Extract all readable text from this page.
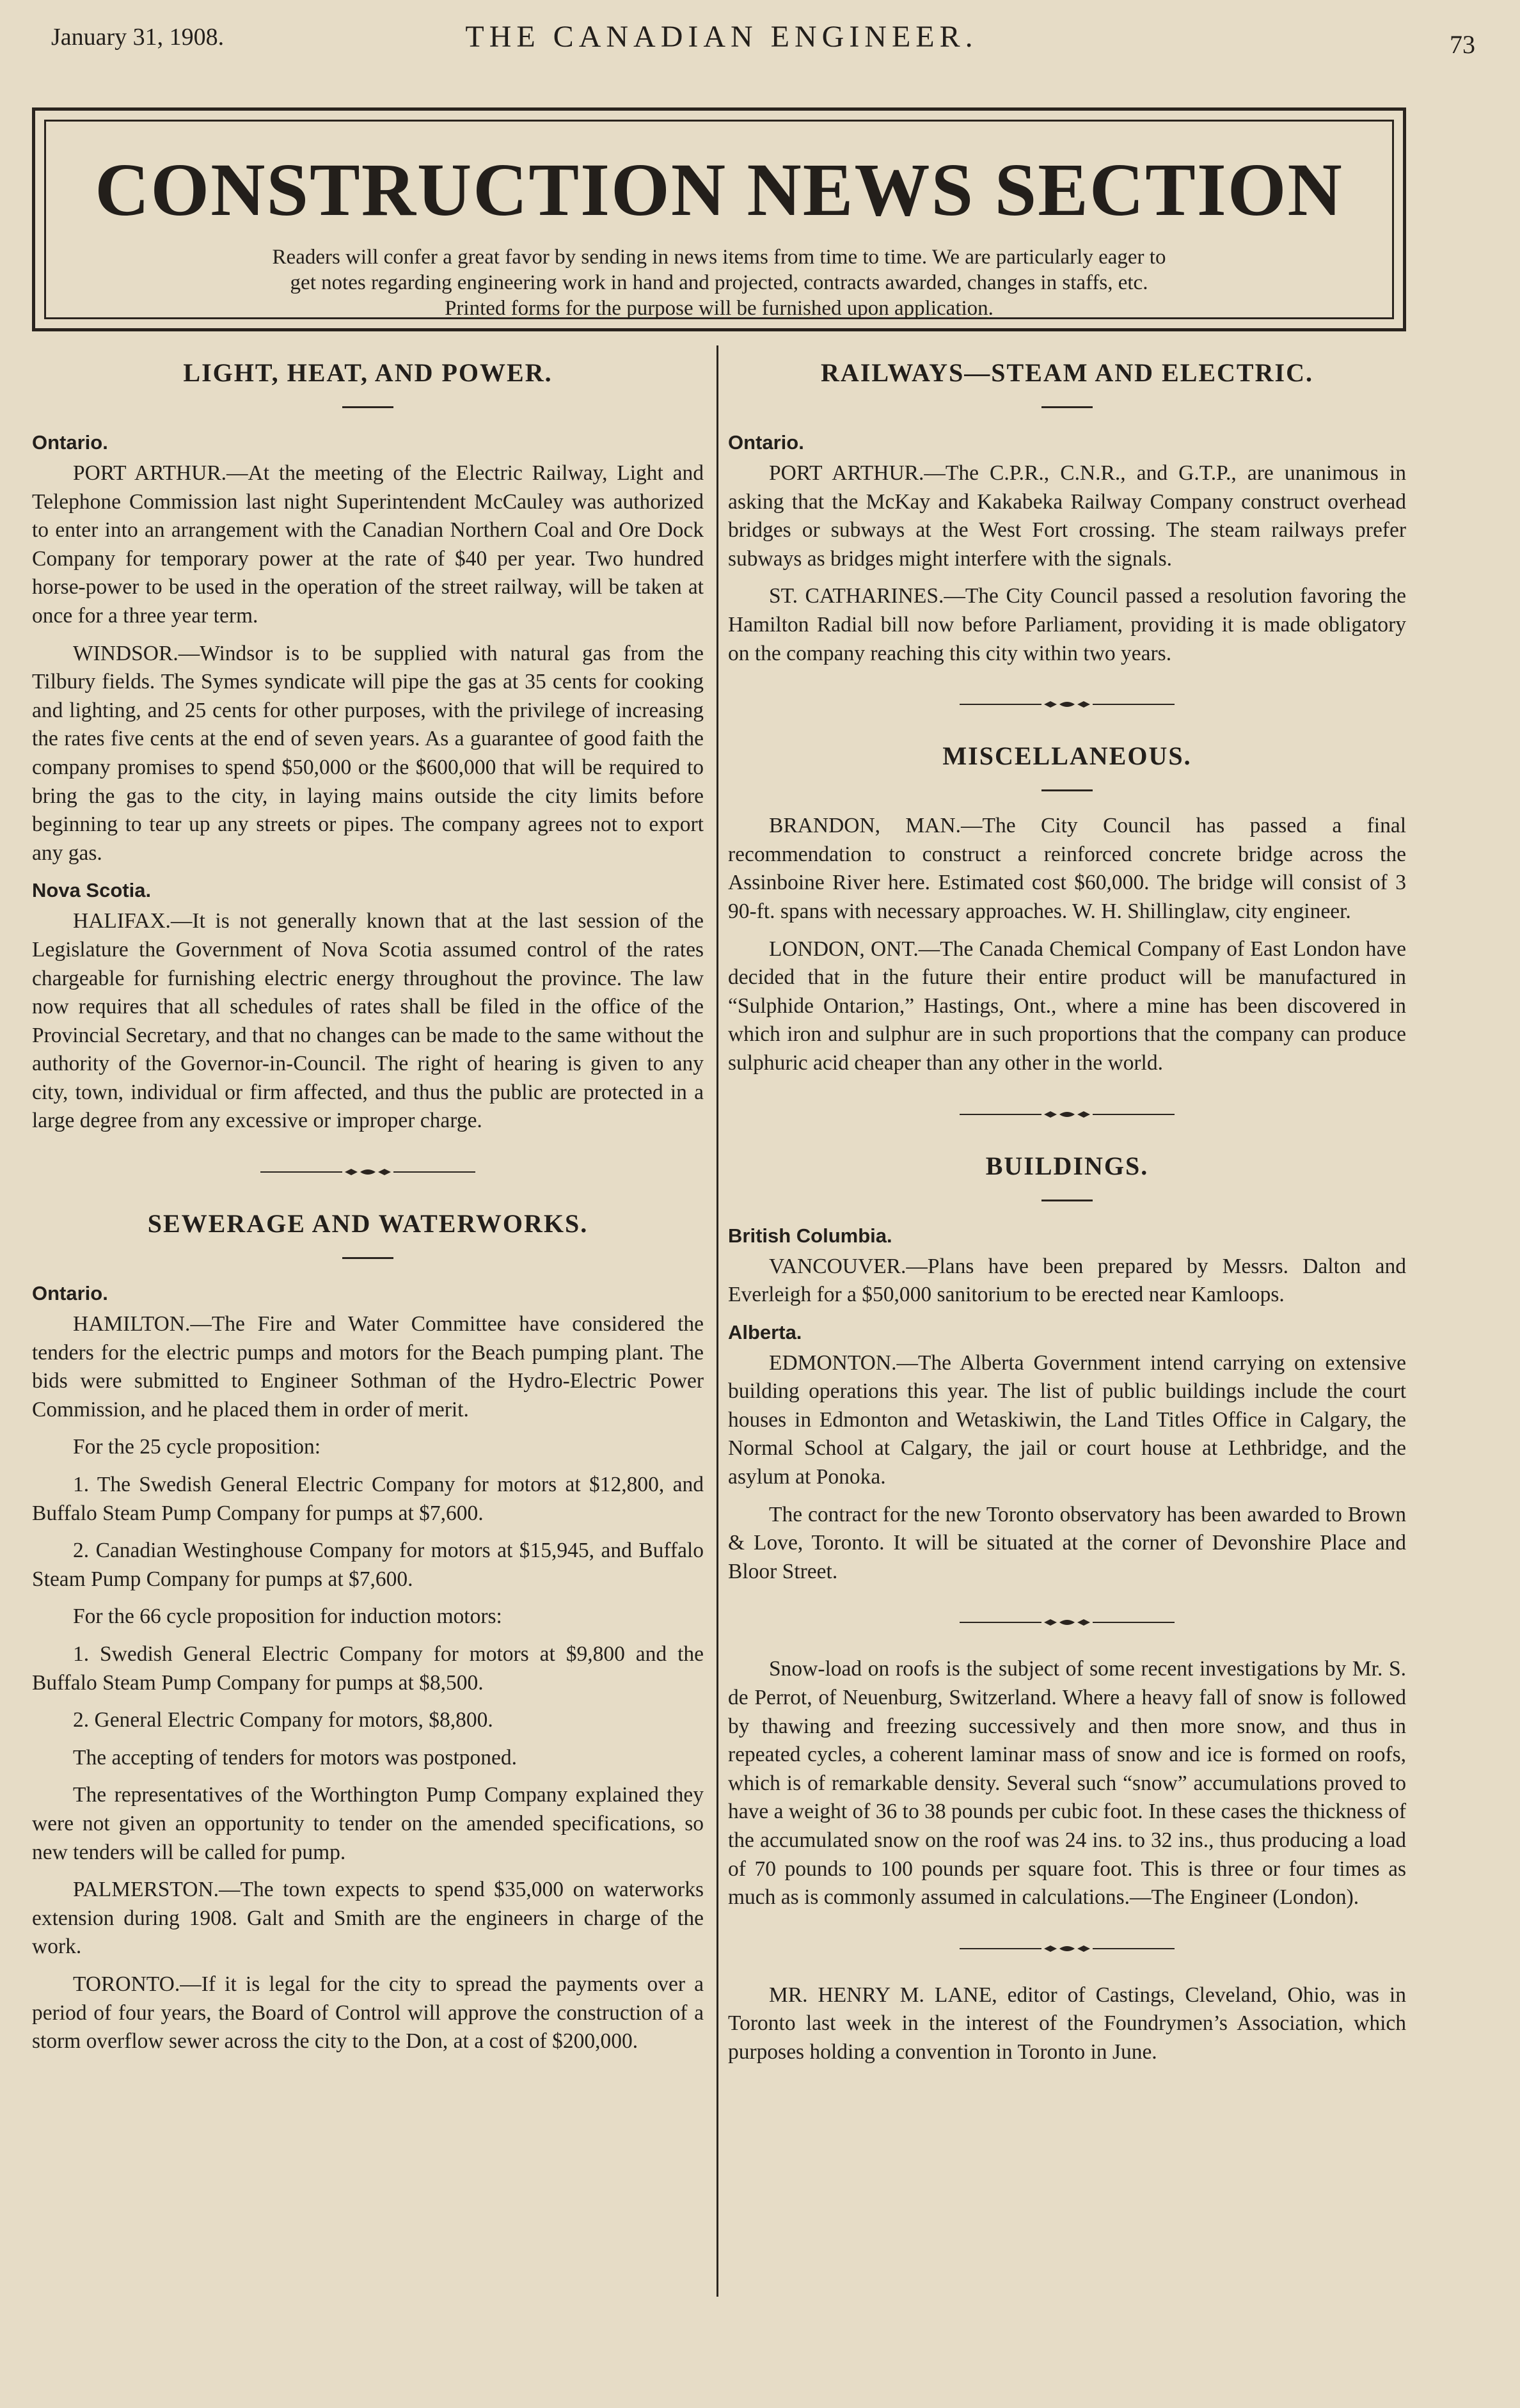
January 31, 1908.	THE CANADIAN ENGINEER.	73
CONSTRUCTION NEWS SECTION
Readers will confer a great favor by sending in news items from time to time. We are particularly eager to
get notes regarding engineering work in hand and projected, contracts awarded, changes in staffs, etc.
Printed forms for the purpose will be furnished upon application.
LIGHT, HEAT, AND POWER.
Ontario.

PORT ARTHUR.—At the meeting of the Electric Railway, Light and Telephone Commission last night Superintendent McCauley was authorized to enter into an arrangement with the Canadian Northern Coal and Ore Dock Company for temporary power at the rate of $40 per year. Two hundred horse-power to be used in the operation of the street railway, will be taken at once for a three year term.

WINDSOR.—Windsor is to be supplied with natural gas from the Tilbury fields. The Symes syndicate will pipe the gas at 35 cents for cooking and lighting, and 25 cents for other purposes, with the privilege of increasing the rates five cents at the end of seven years. As a guarantee of good faith the company promises to spend $50,000 or the $600,000 that will be required to bring the gas to the city, in laying mains outside the city limits before beginning to tear up any streets or pipes. The company agrees not to export any gas.

Nova Scotia.

HALIFAX.—It is not generally known that at the last session of the Legislature the Government of Nova Scotia assumed control of the rates chargeable for furnishing electric energy throughout the province. The law now requires that all schedules of rates shall be filed in the office of the Provincial Secretary, and that no changes can be made to the same without the authority of the Governor-in-Council. The right of hearing is given to any city, town, individual or firm affected, and thus the public are protected in a large degree from any excessive or improper charge.

SEWERAGE AND WATERWORKS.
Ontario.

HAMILTON.—The Fire and Water Committee have considered the tenders for the electric pumps and motors for the Beach pumping plant. The bids were submitted to Engineer Sothman of the Hydro-Electric Power Commission, and he placed them in order of merit.

For the 25 cycle proposition:

1. The Swedish General Electric Company for motors at $12,800, and Buffalo Steam Pump Company for pumps at $7,600.

2. Canadian Westinghouse Company for motors at $15,945, and Buffalo Steam Pump Company for pumps at $7,600.

For the 66 cycle proposition for induction motors:

1. Swedish General Electric Company for motors at $9,800 and the Buffalo Steam Pump Company for pumps at $8,500.

2. General Electric Company for motors, $8,800.

The accepting of tenders for motors was postponed.

The representatives of the Worthington Pump Company explained they were not given an opportunity to tender on the amended specifications, so new tenders will be called for pump.

PALMERSTON.—The town expects to spend $35,000 on waterworks extension during 1908. Galt and Smith are the engineers in charge of the work.

TORONTO.—If it is legal for the city to spread the payments over a period of four years, the Board of Control will approve the construction of a storm overflow sewer across the city to the Don, at a cost of $200,000.

RAILWAYS—STEAM AND ELECTRIC.
Ontario.

PORT ARTHUR.—The C.P.R., C.N.R., and G.T.P., are unanimous in asking that the McKay and Kakabeka Railway Company construct overhead bridges or subways at the West Fort crossing. The steam railways prefer subways as bridges might interfere with the signals.

ST. CATHARINES.—The City Council passed a resolution favoring the Hamilton Radial bill now before Parliament, providing it is made obligatory on the company reaching this city within two years.

MISCELLANEOUS.

BRANDON, MAN.—The City Council has passed a final recommendation to construct a reinforced concrete bridge across the Assinboine River here. Estimated cost $60,000. The bridge will consist of 3 90-ft. spans with necessary approaches. W. H. Shillinglaw, city engineer.

LONDON, ONT.—The Canada Chemical Company of East London have decided that in the future their entire product will be manufactured in “Sulphide Ontarion,” Hastings, Ont., where a mine has been discovered in which iron and sulphur are in such proportions that the company can produce sulphuric acid cheaper than any other in the world.

BUILDINGS.
British Columbia.

VANCOUVER.—Plans have been prepared by Messrs. Dalton and Everleigh for a $50,000 sanitorium to be erected near Kamloops.

Alberta.

EDMONTON.—The Alberta Government intend carrying on extensive building operations this year. The list of public buildings include the court houses in Edmonton and Wetaskiwin, the Land Titles Office in Calgary, the Normal School at Calgary, the jail or court house at Lethbridge, and the asylum at Ponoka.

The contract for the new Toronto observatory has been awarded to Brown & Love, Toronto. It will be situated at the corner of Devonshire Place and Bloor Street.

Snow-load on roofs is the subject of some recent investigations by Mr. S. de Perrot, of Neuenburg, Switzerland. Where a heavy fall of snow is followed by thawing and freezing successively and then more snow, and thus in repeated cycles, a coherent laminar mass of snow and ice is formed on roofs, which is of remarkable density. Several such “snow” accumulations proved to have a weight of 36 to 38 pounds per cubic foot. In these cases the thickness of the accumulated snow on the roof was 24 ins. to 32 ins., thus producing a load of 70 pounds to 100 pounds per square foot. This is three or four times as much as is commonly assumed in calculations.—The Engineer (London).

MR. HENRY M. LANE, editor of Castings, Cleveland, Ohio, was in Toronto last week in the interest of the Foundrymen’s Association, which purposes holding a convention in Toronto in June.
